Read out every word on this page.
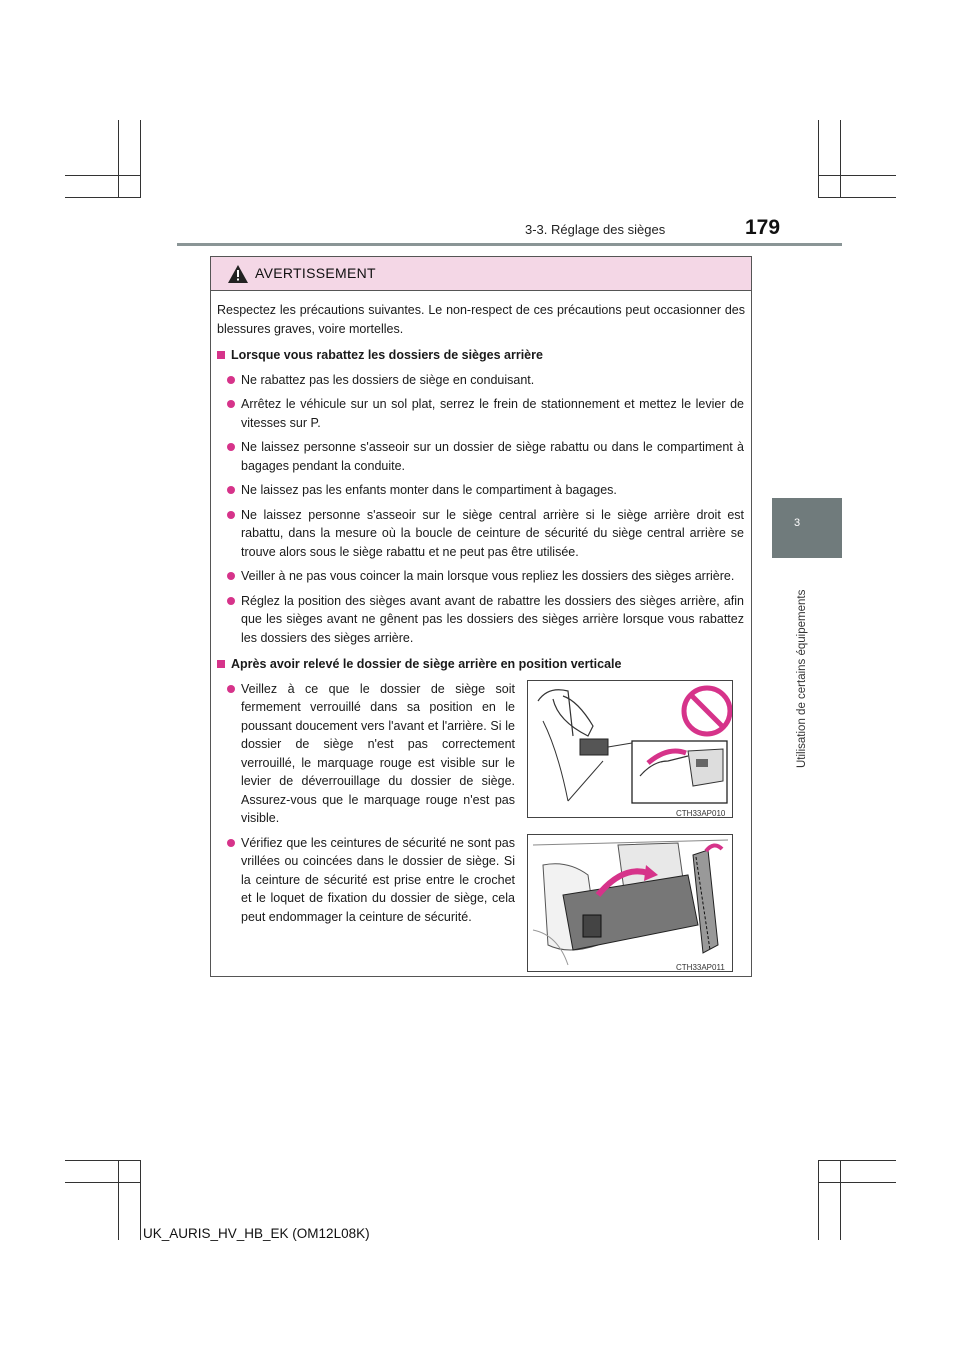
3-3. Réglage des sièges	179
3
Utilisation de certains équipements
AVERTISSEMENT

Respectez les précautions suivantes. Le non-respect de ces précautions peut occasionner des blessures graves, voire mortelles.

Lorsque vous rabattez les dossiers de sièges arrière
Ne rabattez pas les dossiers de siège en conduisant.
Arrêtez le véhicule sur un sol plat, serrez le frein de stationnement et mettez le levier de vitesses sur P.
Ne laissez personne s'asseoir sur un dossier de siège rabattu ou dans le compartiment à bagages pendant la conduite.
Ne laissez pas les enfants monter dans le compartiment à bagages.
Ne laissez personne s'asseoir sur le siège central arrière si le siège arrière droit est rabattu, dans la mesure où la boucle de ceinture de sécurité du siège central arrière se trouve alors sous le siège rabattu et ne peut pas être utilisée.
Veiller à ne pas vous coincer la main lorsque vous repliez les dossiers des sièges arrière.
Réglez la position des sièges avant avant de rabattre les dossiers des sièges arrière, afin que les sièges avant ne gênent pas les dossiers des sièges arrière lorsque vous rabattez les dossiers des sièges arrière.
Après avoir relevé le dossier de siège arrière en position verticale
Veillez à ce que le dossier de siège soit fermement verrouillé dans sa position en le poussant doucement vers l'avant et l'arrière. Si le dossier de siège n'est pas correctement verrouillé, le marquage rouge est visible sur le levier de déverrouillage du dossier de siège. Assurez-vous que le marquage rouge n'est pas visible.	CTH33AP010
Vérifiez que les ceintures de sécurité ne sont pas vrillées ou coincées dans le dossier de siège. Si la ceinture de sécurité est prise entre le crochet et le loquet de fixation du dossier de siège, cela peut endommager la ceinture de sécurité.
CTH33AP011
UK_AURIS_HV_HB_EK (OM12L08K)
